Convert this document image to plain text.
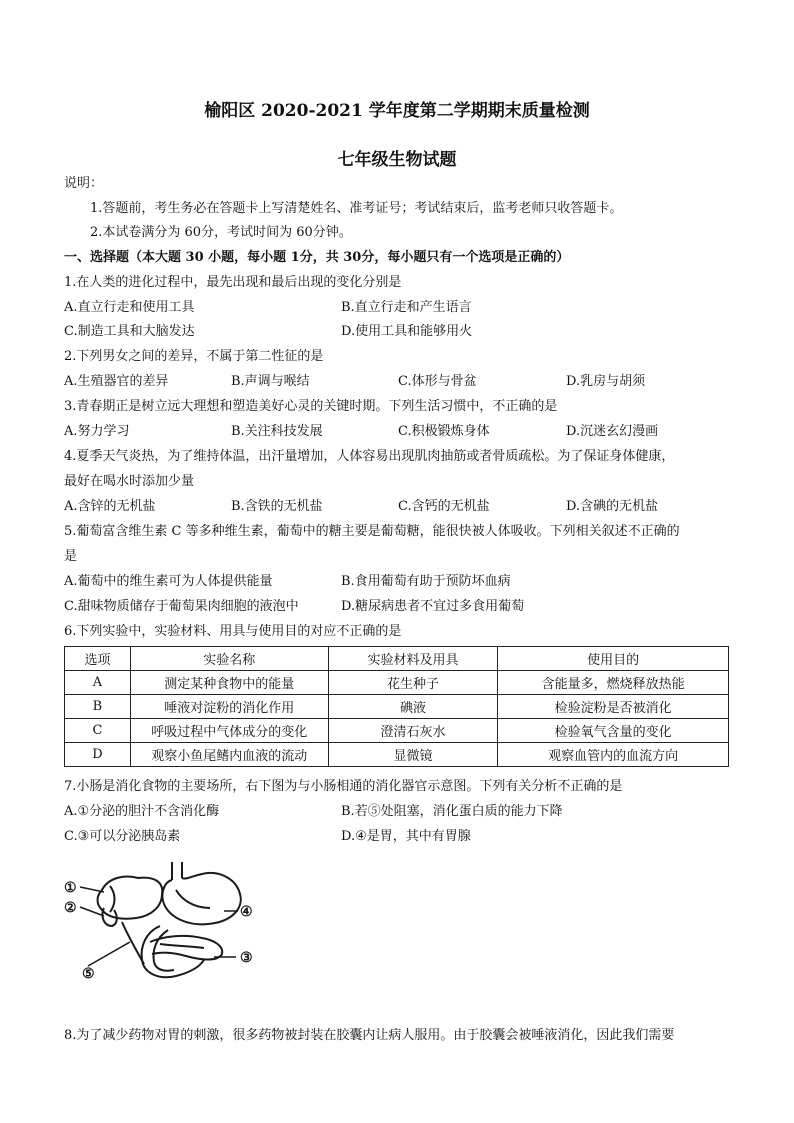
榆阳区 2020-2021 学年度第二学期期末质量检测
七年级生物试题
说明：
1.答题前，考生务必在答题卡上写清楚姓名、准考证号；考试结束后，监考老师只收答题卡。
2.本试卷满分为 60分，考试时间为 60分钟。
一、选择题（本大题 30 小题，每小题 1分，共 30分，每小题只有一个选项是正确的）
1.在人类的进化过程中，最先出现和最后出现的变化分别是
A.直立行走和使用工具	B.直立行走和产生语言
C.制造工具和大脑发达	D.使用工具和能够用火
2.下列男女之间的差异，不属于第二性征的是
A.生殖器官的差异	B.声调与喉结	C.体形与骨盆	D.乳房与胡须
3.青春期正是树立远大理想和塑造美好心灵的关键时期。下列生活习惯中，不正确的是
A.努力学习	B.关注科技发展	C.积极锻炼身体	D.沉迷玄幻漫画
4.夏季天气炎热，为了维持体温，出汗量增加，人体容易出现肌肉抽筋或者骨质疏松。为了保证身体健康，
最好在喝水时添加少量
A.含锌的无机盐	B.含铁的无机盐	C.含钙的无机盐	D.含碘的无机盐
5.葡萄富含维生素 C 等多种维生素，葡萄中的糖主要是葡萄糖，能很快被人体吸收。下列相关叙述不正确的
是
A.葡萄中的维生素可为人体提供能量	B.食用葡萄有助于预防坏血病
C.甜味物质储存于葡萄果肉细胞的液泡中	D.糖尿病患者不宜过多食用葡萄
6.下列实验中，实验材料、用具与使用目的对应不正确的是
选项	实验名称	实验材料及用具	使用目的
A	测定某种食物中的能量	花生种子	含能量多，燃烧释放热能
B	唾液对淀粉的消化作用	碘液	检验淀粉是否被消化
C	呼吸过程中气体成分的变化	澄清石灰水	检验氧气含量的变化
D	观察小鱼尾鳍内血液的流动	显微镜	观察血管内的血流方向
7.小肠是消化食物的主要场所，右下图为与小肠相通的消化器官示意图。下列有关分析不正确的是
A.①分泌的胆汁不含消化酶	B.若⑤处阻塞，消化蛋白质的能力下降
C.③可以分泌胰岛素	D.④是胃，其中有胃腺
①
②
③
④
⑤
8.为了减少药物对胃的刺激，很多药物被封装在胶囊内让病人服用。由于胶囊会被唾液消化，因此我们需要
